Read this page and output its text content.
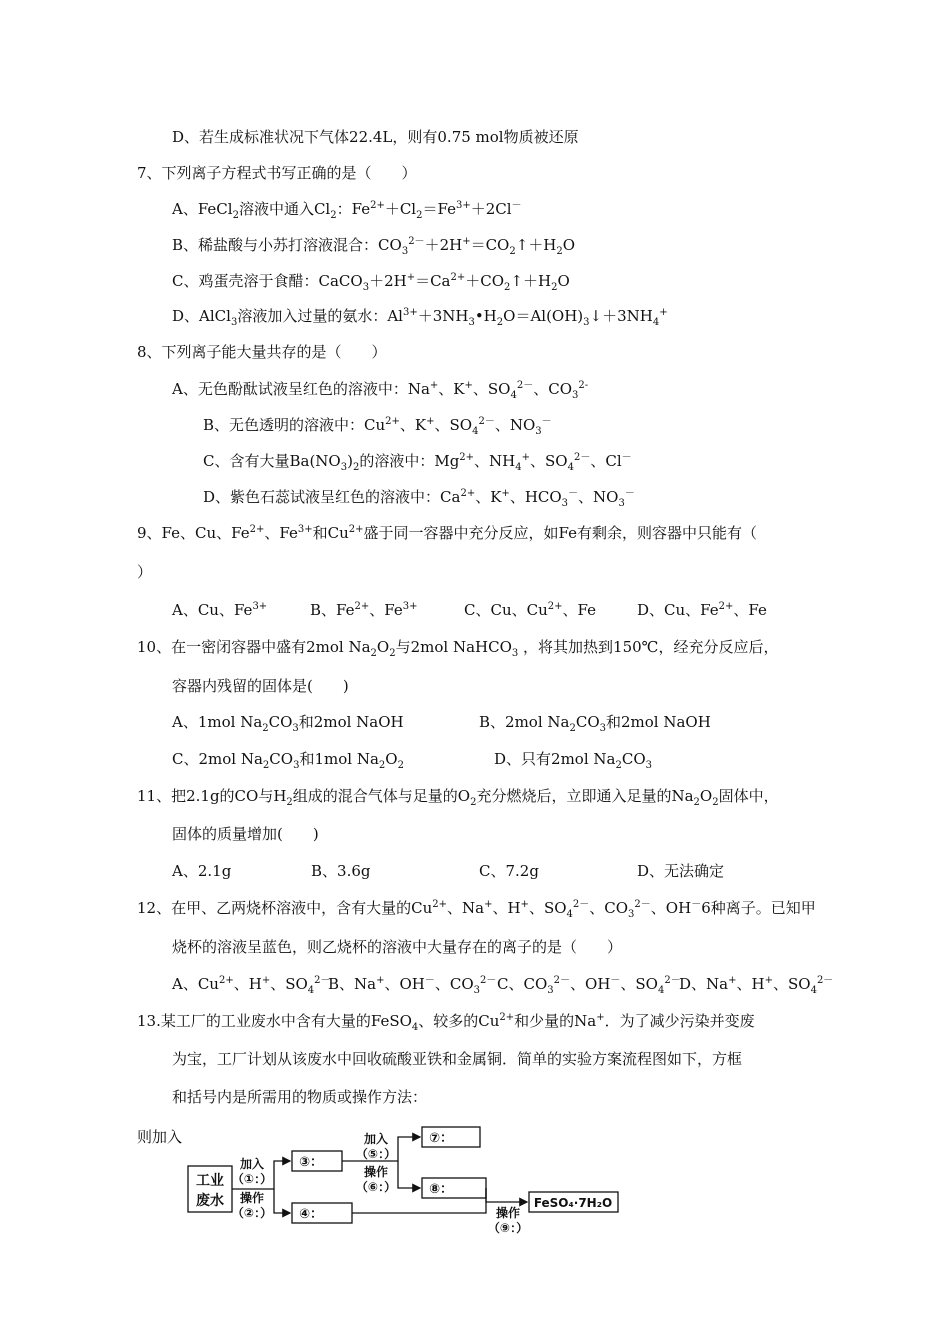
D、若生成标准状况下气体22.4L，则有0.75 mol物质被还原
7、下列离子方程式书写正确的是（　　）
A、FeCl$_2$溶液中通入$Cl_2$：$Fe^{2+}+Cl_2=Fe^{3+}+2Cl^-$
B、稀盐酸与小苏打溶液混合：$CO_3^{2-}+2H^+=CO_2↑+H_2O$
C、鸡蛋壳溶于食醋：$CaCO_3+2H^+=Ca^{2+}+CO_2↑+H_2O$
D、AlCl$_3$溶液加入过量的氨水：$Al^{3+}+3NH_3•H_2O=Al(OH)_3↓+3NH_4^+$
8、下列离子能大量共存的是（　　）
A、无色酚酞试液呈红色的溶液中：Na+、K+、$SO_4^{2-}$、$CO_3^{2-}$
B、无色透明的溶液中：$Cu^{2+}$、K+、$SO_4^{2-}$、$NO_3^-$
C、含有大量$Ba(NO_3)_2$的溶液中：$Mg^{2+}$、$NH_4^+$、$SO_4^{2-}$、Cl－
D、紫色石蕊试液呈红色的溶液中：$Ca^{2+}$、K+、$HCO_3^-$、$NO_3^-$
9、Fe、Cu、$Fe^{2+}$、$Fe^{3+}$和$Cu^{2+}$盛于同一容器中充分反应，如Fe有剩余，则容器中只能有（
）
A、Cu、$Fe^{3+}$	B、$Fe^{2+}$、$Fe^{3+}$	C、Cu、$Cu^{2+}$、Fe	D、Cu、$Fe^{2+}$、Fe
10、在一密闭容器中盛有2mol $Na_2O_2$与2mol NaHCO$_3$ ，将其加热到150℃，经充分反应后，
容器内残留的固体是(　　)
A、1mol $Na_2CO_3$和2mol NaOH	B、2mol $Na_2CO_3$和2mol NaOH
C、2mol $Na_2CO_3$和1mol $Na_2O_2$	D、只有2mol $Na_2CO_3$
11、把2.1g的CO与$H_2$组成的混合气体与足量的$O_2$充分燃烧后，立即通入足量的$Na_2O_2$固体中，
固体的质量增加(　　)
A、2.1g	B、3.6g	C、7.2g	D、无法确定
12、在甲、乙两烧杯溶液中，含有大量的$Cu^{2+}$、Na+、H+、$SO_4^{2-}$、$CO_3^{2-}$、OH－6种离子。已知甲
烧杯的溶液呈蓝色，则乙烧杯的溶液中大量存在的离子的是（　　）
A、$Cu^{2+}$、H+、$SO_4^{2-}$
B、Na+、OH－、$CO_3^{2-}$ C、$CO_3^{2-}$、OH－、$SO_4^{2-}$
D、Na+、H+、$SO_4^{2-}$
13.某工厂的工业废水中含有大量的FeSO$_4$、较多的$Cu^{2+}$和少量的Na+．为了减少污染并变废
为宝，工厂计划从该废水中回收硫酸亚铁和金属铜．简单的实验方案流程图如下，方框
和括号内是所需用的物质或操作方法：
则加入
工业
废水
加入
（①：）
操作
（②：）
③：
④：
加入
（⑤：）
操作
（⑥：）
⑦：
⑧：
操作
（⑨：）
FeSO₄·7H₂O
